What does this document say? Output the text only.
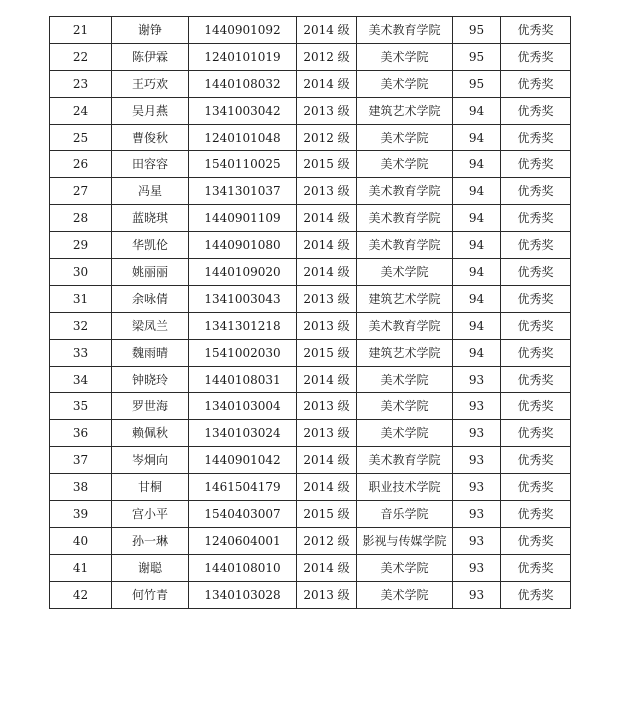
21	谢铮	1440901092	2014 级	美术教育学院	95	优秀奖
22	陈伊霖	1240101019	2012 级	美术学院	95	优秀奖
23	王巧欢	1440108032	2014 级	美术学院	95	优秀奖
24	吴月燕	1341003042	2013 级	建筑艺术学院	94	优秀奖
25	曹俊秋	1240101048	2012 级	美术学院	94	优秀奖
26	田容容	1540110025	2015 级	美术学院	94	优秀奖
27	冯星	1341301037	2013 级	美术教育学院	94	优秀奖
28	蓝晓琪	1440901109	2014 级	美术教育学院	94	优秀奖
29	华凯伦	1440901080	2014 级	美术教育学院	94	优秀奖
30	姚丽丽	1440109020	2014 级	美术学院	94	优秀奖
31	余咏倩	1341003043	2013 级	建筑艺术学院	94	优秀奖
32	梁凤兰	1341301218	2013 级	美术教育学院	94	优秀奖
33	魏雨晴	1541002030	2015 级	建筑艺术学院	94	优秀奖
34	钟晓玲	1440108031	2014 级	美术学院	93	优秀奖
35	罗世海	1340103004	2013 级	美术学院	93	优秀奖
36	赖佩秋	1340103024	2013 级	美术学院	93	优秀奖
37	岑炯向	1440901042	2014 级	美术教育学院	93	优秀奖
38	甘桐	1461504179	2014 级	职业技术学院	93	优秀奖
39	宫小平	1540403007	2015 级	音乐学院	93	优秀奖
40	孙一琳	1240604001	2012 级	影视与传媒学院	93	优秀奖
41	谢聪	1440108010	2014 级	美术学院	93	优秀奖
42	何竹青	1340103028	2013 级	美术学院	93	优秀奖
